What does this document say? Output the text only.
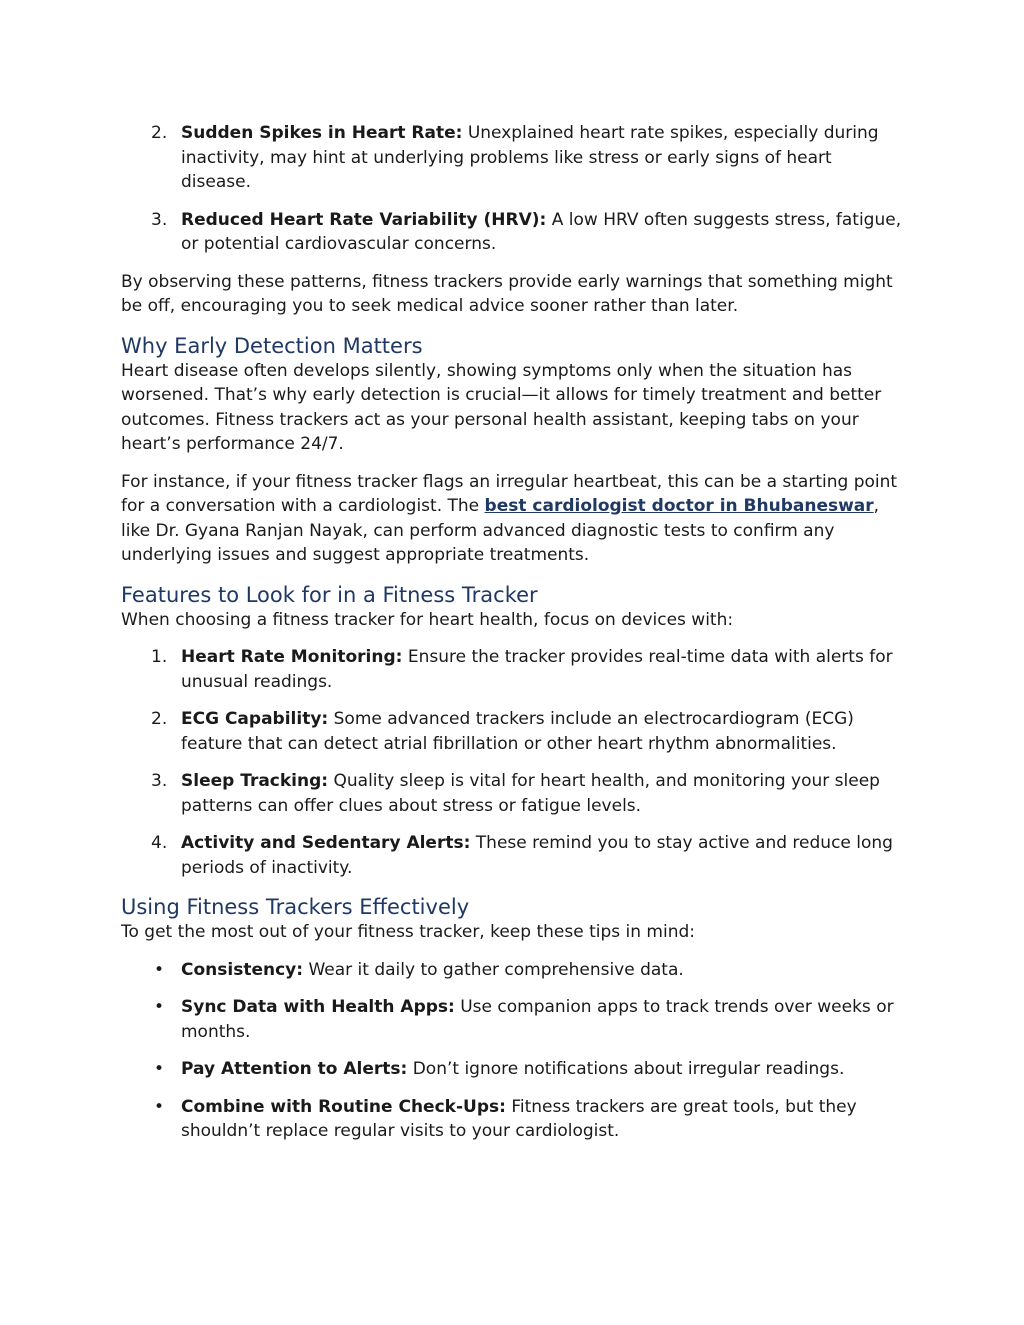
2. Sudden Spikes in Heart Rate: Unexplained heart rate spikes, especially during inactivity, may hint at underlying problems like stress or early signs of heart disease.
3. Reduced Heart Rate Variability (HRV): A low HRV often suggests stress, fatigue, or potential cardiovascular concerns.

By observing these patterns, fitness trackers provide early warnings that something might be off, encouraging you to seek medical advice sooner rather than later.

Why Early Detection Matters

Heart disease often develops silently, showing symptoms only when the situation has worsened. That’s why early detection is crucial—it allows for timely treatment and better outcomes. Fitness trackers act as your personal health assistant, keeping tabs on your heart’s performance 24/7.

For instance, if your fitness tracker flags an irregular heartbeat, this can be a starting point for a conversation with a cardiologist. The best cardiologist doctor in Bhubaneswar, like Dr. Gyana Ranjan Nayak, can perform advanced diagnostic tests to confirm any underlying issues and suggest appropriate treatments.

Features to Look for in a Fitness Tracker

When choosing a fitness tracker for heart health, focus on devices with:

1. Heart Rate Monitoring: Ensure the tracker provides real-time data with alerts for unusual readings.
2. ECG Capability: Some advanced trackers include an electrocardiogram (ECG) feature that can detect atrial fibrillation or other heart rhythm abnormalities.
3. Sleep Tracking: Quality sleep is vital for heart health, and monitoring your sleep patterns can offer clues about stress or fatigue levels.
4. Activity and Sedentary Alerts: These remind you to stay active and reduce long periods of inactivity.
Using Fitness Trackers Effectively

To get the most out of your fitness tracker, keep these tips in mind:

• Consistency: Wear it daily to gather comprehensive data.
• Sync Data with Health Apps: Use companion apps to track trends over weeks or months.
• Pay Attention to Alerts: Don’t ignore notifications about irregular readings.
• Combine with Routine Check-Ups: Fitness trackers are great tools, but they shouldn’t replace regular visits to your cardiologist.
